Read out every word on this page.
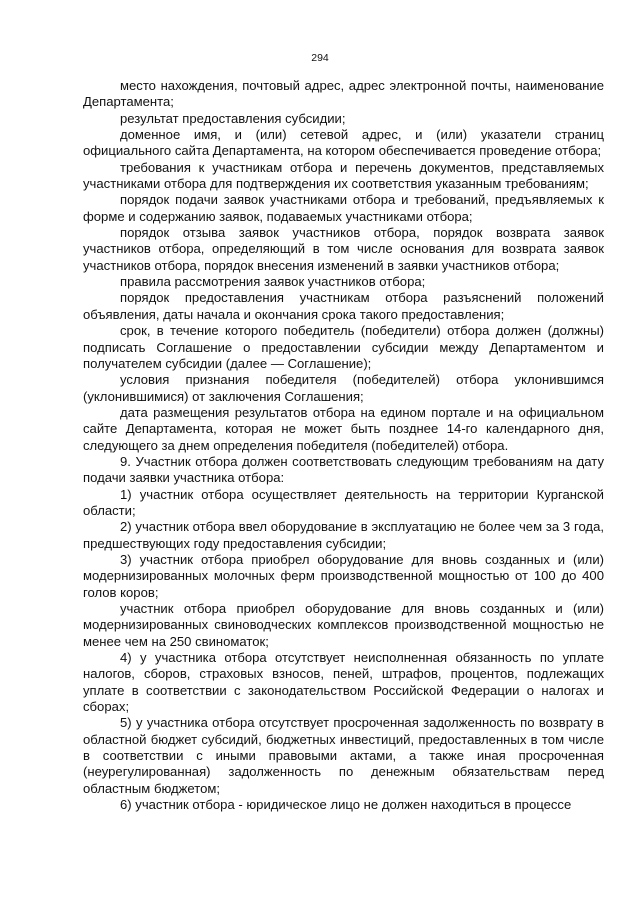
294

место нахождения, почтовый адрес, адрес электронной почты, наименование Департамента;

результат предоставления субсидии;

доменное имя, и (или) сетевой адрес, и (или) указатели страниц официального сайта Департамента, на котором обеспечивается проведение отбора;

требования к участникам отбора и перечень документов, представляемых участниками отбора для подтверждения их соответствия указанным требованиям;

порядок подачи заявок участниками отбора и требований, предъявляемых к форме и содержанию заявок, подаваемых участниками отбора;

порядок отзыва заявок участников отбора, порядок возврата заявок участников отбора, определяющий в том числе основания для возврата заявок участников отбора, порядок внесения изменений в заявки участников отбора;

правила рассмотрения заявок участников отбора;

порядок предоставления участникам отбора разъяснений положений объявления, даты начала и окончания срока такого предоставления;

срок, в течение которого победитель (победители) отбора должен (должны) подписать Соглашение о предоставлении субсидии между Департаментом и получателем субсидии (далее — Соглашение);

условия признания победителя (победителей) отбора уклонившимся (уклонившимися) от заключения Соглашения;

дата размещения результатов отбора на едином портале и на официальном сайте Департамента, которая не может быть позднее 14-го календарного дня, следующего за днем определения победителя (победителей) отбора.

9. Участник отбора должен соответствовать следующим требованиям на дату подачи заявки участника отбора:

1) участник отбора осуществляет деятельность на территории Курганской области;

2) участник отбора ввел оборудование в эксплуатацию не более чем за 3 года, предшествующих году предоставления субсидии;

3) участник отбора приобрел оборудование для вновь созданных и (или) модернизированных молочных ферм производственной мощностью от 100 до 400 голов коров;

участник отбора приобрел оборудование для вновь созданных и (или) модернизированных свиноводческих комплексов производственной мощностью не менее чем на 250 свиноматок;

4) у участника отбора отсутствует неисполненная обязанность по уплате налогов, сборов, страховых взносов, пеней, штрафов, процентов, подлежащих уплате в соответствии с законодательством Российской Федерации о налогах и сборах;

5) у участника отбора отсутствует просроченная задолженность по возврату в областной бюджет субсидий, бюджетных инвестиций, предоставленных в том числе в соответствии с иными правовыми актами, а также иная просроченная (неурегулированная) задолженность по денежным обязательствам перед областным бюджетом;

6) участник отбора - юридическое лицо не должен находиться в процессе
